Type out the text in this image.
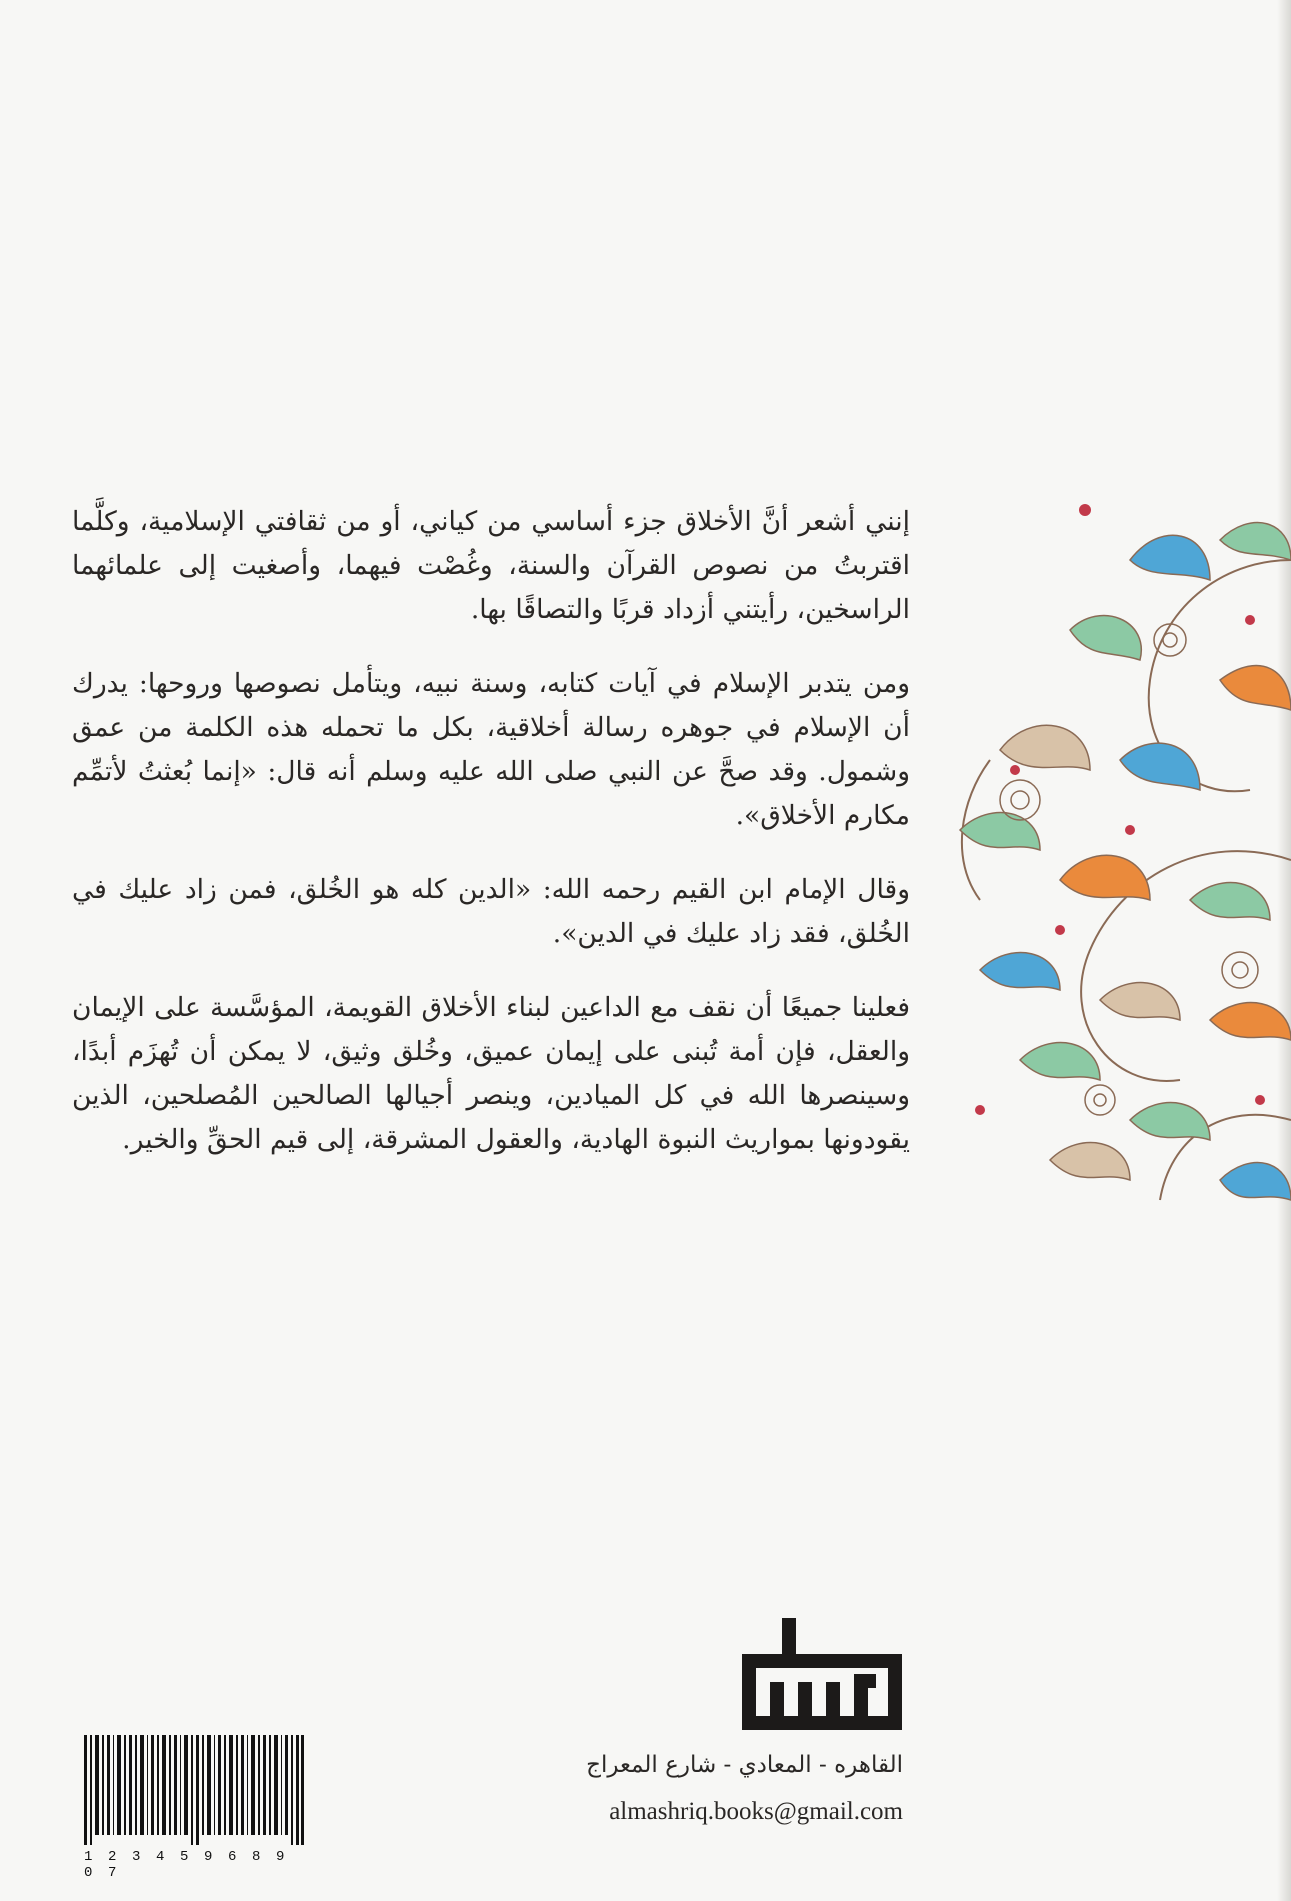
إنني أشعر أنَّ الأخلاق جزء أساسي من كياني، أو من ثقافتي الإسلامية، وكلَّما اقتربتُ من نصوص القرآن والسنة، وغُصْت فيهما، وأصغيت إلى علمائهما الراسخين، رأيتني أزداد قربًا والتصاقًا بها.

ومن يتدبر الإسلام في آيات كتابه، وسنة نبيه، ويتأمل نصوصها وروحها: يدرك أن الإسلام في جوهره رسالة أخلاقية، بكل ما تحمله هذه الكلمة من عمق وشمول. وقد صحَّ عن النبي صلى الله عليه وسلم أنه قال: «إنما بُعثتُ لأتمِّم مكارم الأخلاق».

وقال الإمام ابن القيم رحمه الله: «الدين كله هو الخُلق، فمن زاد عليك في الخُلق، فقد زاد عليك في الدين».

فعلينا جميعًا أن نقف مع الداعين لبناء الأخلاق القويمة، المؤسَّسة على الإيمان والعقل، فإن أمة تُبنى على إيمان عميق، وخُلق وثيق، لا يمكن أن تُهزَم أبدًا، وسينصرها الله في كل الميادين، وينصر أجيالها الصالحين المُصلحين، الذين يقودونها بمواريث النبوة الهادية، والعقول المشرقة، إلى قيم الحقِّ والخير.

القاهره - المعادي - شارع المعراج
almashriq.books@gmail.com
1 2 3 4 5 9 6 8 9 0 7
